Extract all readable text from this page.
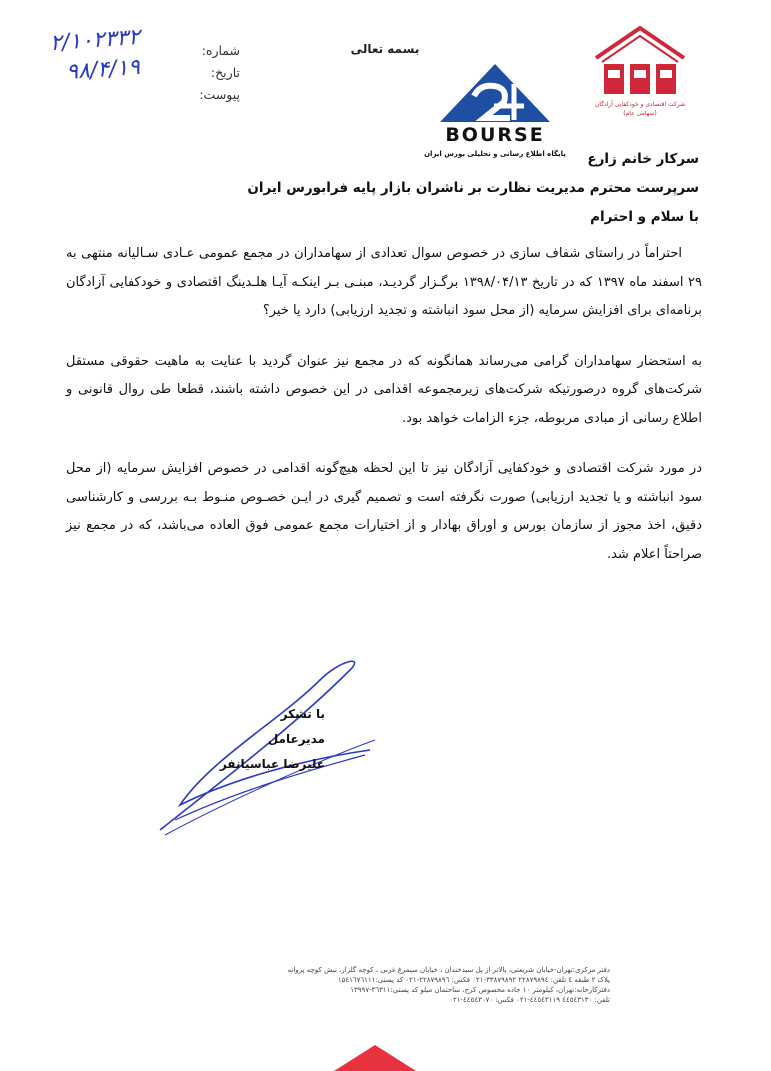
۲/۱۰۲۳۳۲
۹۸/۴/۱۹
شماره:
تاریخ:
پیوست:
بسمه تعالی
BOURSE
پایگاه اطلاع رسانی و تحلیلی بورس ایران
شرکت اقتصادی و خودکفایی آزادگان
(سهامی عام)
سرکار خانم زارع
سرپرست محترم مدیریت نظارت بر ناشران بازار پایه فرابورس ایران
با سلام و احترام

احتراماً در راستای شفاف سازی در خصوص سوال تعدادی از سهامداران در مجمع عمومی عـادی سـالیانه منتهی به ۲۹ اسفند ماه ۱۳۹۷ که در تاریخ ۱۳۹۸/۰۴/۱۳ برگـزار گردیـد، مبنـی بـر اینکـه آیـا هلـدینگ اقتصادی و خودکفایی آزادگان برنامه‌ای برای افزایش سرمایه (از محل سود انباشته و تجدید ارزیابی) دارد یا خیر؟

به استحضار سهامداران گرامی می‌رساند همانگونه که در مجمع نیز عنوان گردید با عنایت به ماهیت حقوقی مستقل شرکت‌های گروه درصورتیکه شرکت‌های زیرمجموعه اقدامی در این خصوص داشته باشند، قطعا طی روال قانونی و اطلاع رسانی از مبادی مربوطه، جزء الزامات خواهد بود.

در مورد شرکت اقتصادی و خودکفایی آزادگان نیز تا این لحظه هیچ‌گونه اقدامی در خصوص افزایش سرمایه (از محل سود انباشته و یا تجدید ارزیابی) صورت نگرفته است و تصمیم گیری در ایـن خصـوص منـوط بـه بررسی و کارشناسی دقیق، اخذ مجوز از سازمان بورس و اوراق بهادار و از اختیارات مجمع عمومی فوق العاده می‌باشد، که در مجمع نیز صراحتاً اعلام شد.

با تشکر
مدیرعامل
علیرضا عباسیانفر
دفتر مرکزی:تهران-خیابان شریعتی، بالاتر از پل سیدخندان ، خیابان سیمرغ غربی ، کوچه گلزار، نبش کوچه پروانه
پلاک ۲ طبقه ٤ تلفن: ۲۲۸۷۹۸۹٤ ۳۳۸۷۹۸۹۲-۰۲۱ فکس: ۲۲۸۷۹۸۹٦-۰۲۱ کد پستی:۱۵٤۱٦٧٦۱۱۱
دفترکارخانه:تهران، کیلومتر ۱۰ جاده مخصوص کرج، ساختمان میلو کد پستی:۳٦۳۱۱-۱۳۹۹۷
تلفن: ٤٤٥٤۳۱۳۰ ٤٤٥٤۳۱۱۹-۰۲۱ فکس: ٤٤٥٤۳۰۷۰-۰۲۱
